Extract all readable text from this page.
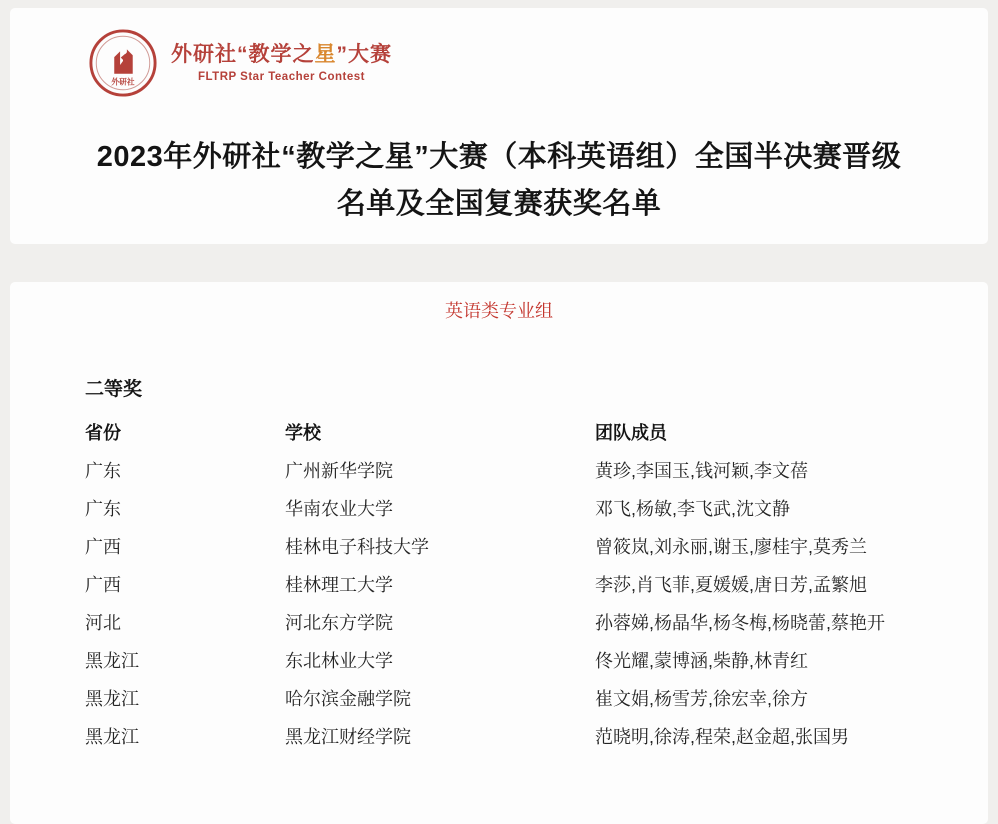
外研社
外研社“教学之星”大赛
FLTRP Star Teacher Contest
2023年外研社“教学之星”大赛（本科英语组）全国半决赛晋级
名单及全国复赛获奖名单
英语类专业组
二等奖
省份	学校	团队成员
广东	广州新华学院	黄珍,李国玉,钱河颖,李文蓓
广东	华南农业大学	邓飞,杨敏,李飞武,沈文静
广西	桂林电子科技大学	曾筱岚,刘永丽,谢玉,廖桂宇,莫秀兰
广西	桂林理工大学	李莎,肖飞菲,夏媛媛,唐日芳,孟繁旭
河北	河北东方学院	孙蓉娣,杨晶华,杨冬梅,杨晓蕾,蔡艳开
黑龙江	东北林业大学	佟光耀,蒙博涵,柴静,林青红
黑龙江	哈尔滨金融学院	崔文娟,杨雪芳,徐宏幸,徐方
黑龙江	黑龙江财经学院	范晓明,徐涛,程荣,赵金超,张国男
